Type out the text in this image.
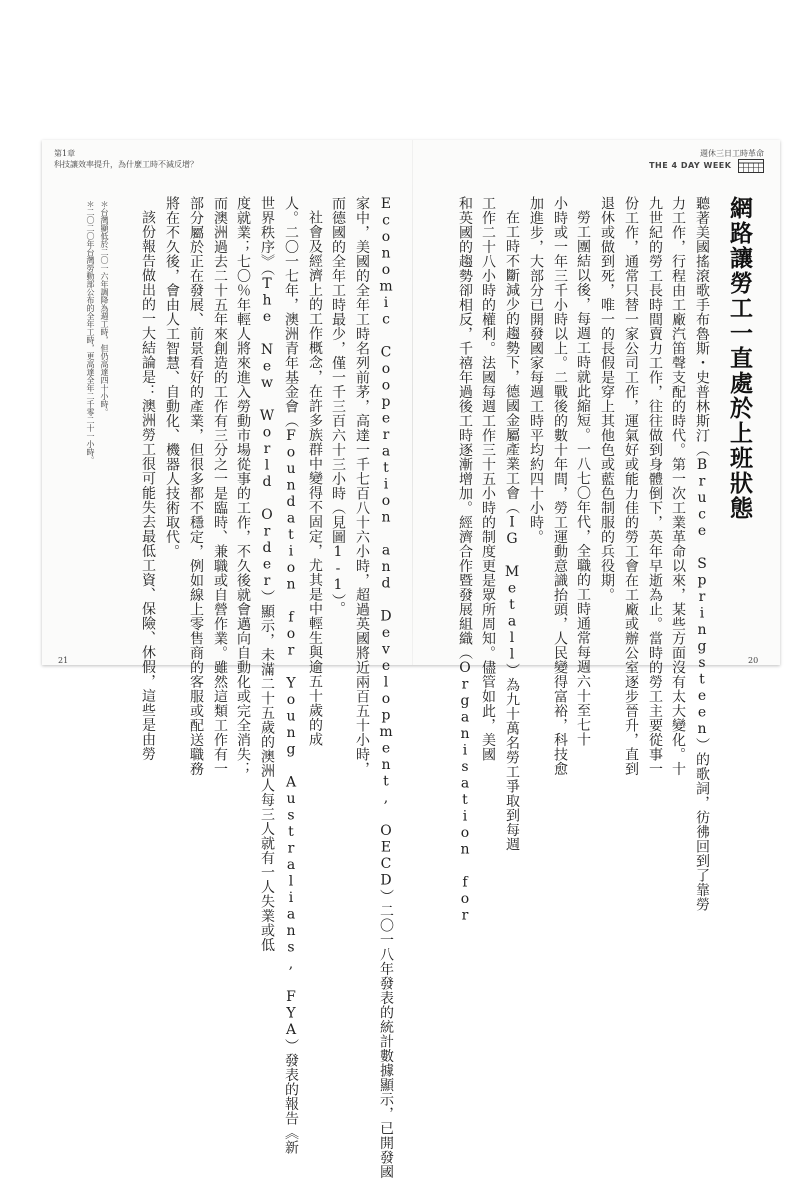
第1章
科技讓效率提升，為什麼工時不減反增？
週休三日工時革命
THE 4 DAY WEEK
網路讓勞工一直處於上班狀態
聽著美國搖滾歌手布魯斯・史普林斯汀（Bruce Springsteen）的歌詞，彷彿回到了靠勞
力工作，行程由工廠汽笛聲支配的時代。第一次工業革命以來，某些方面沒有太大變化。十
九世紀的勞工長時間賣力工作，往往做到身體倒下，英年早逝為止。當時的勞工主要從事一
份工作，通常只替一家公司工作，運氣好或能力佳的勞工會在工廠或辦公室逐步晉升，直到
退休或做到死，唯一的長假是穿上其他色或藍色制服的兵役期。
勞工團結以後，每週工時就此縮短。一八七〇年代，全職的工時通常每週六十至七十
小時或一年三千小時以上。二戰後的數十年間，勞工運動意識抬頭，人民變得富裕，科技愈
加進步，大部分已開發國家每週工時平均約四十小時。
在工時不斷減少的趨勢下，德國金屬產業工會（IG Metall）為九十萬名勞工爭取到每週
工作二十八小時的權利。法國每週工作三十五小時的制度更是眾所周知。儘管如此，美國
和英國的趨勢卻相反，千禧年過後工時逐漸增加。經濟合作暨發展組織（Organisation for
Economic Cooperation and Development, OECD）二〇一八年發表的統計數據顯示，已開發國
家中，美國的全年工時名列前茅，高達一千七百八十六小時，超過英國將近兩百五十小時，
而德國的全年工時最少，僅一千三百六十三小時（見圖1-1）。
社會及經濟上的工作概念，在許多族群中變得不固定，尤其是中輕生與逾五十歲的成
人。二〇一七年，澳洲青年基金會（Foundation for Young Australians, FYA）發表的報告《新
世界秩序》（The New World Order）顯示，未滿二十五歲的澳洲人每三人就有一人失業或低
度就業；七〇％年輕人將來進入勞動市場從事的工作，不久後就會邁向自動化或完全消失；
而澳洲過去二十五年來創造的工作有三分之一是臨時、兼職或自營作業。雖然這類工作有一
部分屬於正在發展、前景看好的產業，但很多都不穩定，例如線上零售商的客服或配送職務
將在不久後，會由人工智慧、自動化、機器人技術取代。
該份報告做出的一大結論是：澳洲勞工很可能失去最低工資、保險、休假，這些是由勞
＊台灣顯低於二〇一六年調降為週工時，但仍高達四十小時。
＊二〇二〇年台灣勞動部公布的全年工時，更高達全年二千零二十一小時。
21	20
